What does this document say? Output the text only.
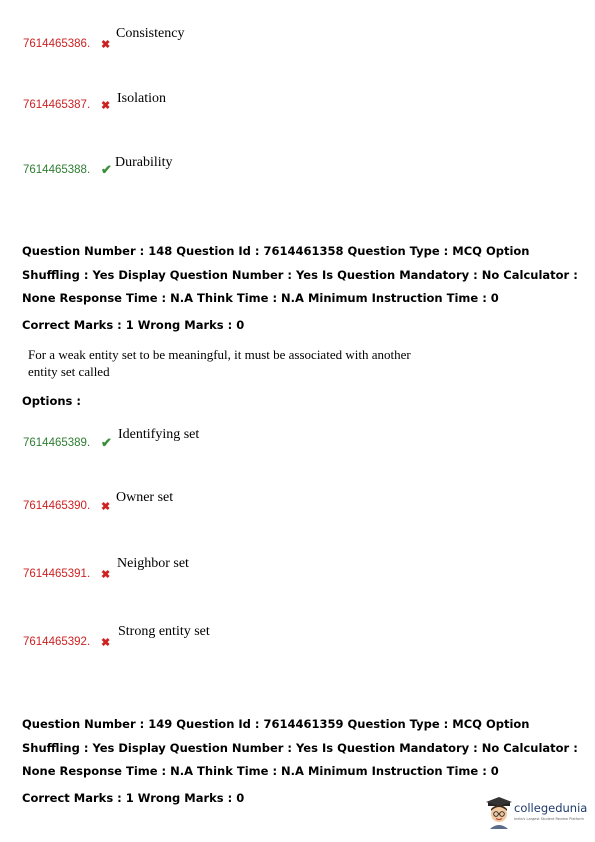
7614465386. ✖
Consistency
7614465387. ✖ Isolation
7614465388. ✔ Durability
Question Number : 148 Question Id : 7614461358 Question Type : MCQ Option Shuffling : Yes Display Question Number : Yes Is Question Mandatory : No Calculator : None Response Time : N.A Think Time : N.A Minimum Instruction Time : 0
Correct Marks : 1 Wrong Marks : 0
For a weak entity set to be meaningful, it must be associated with another
entity set called
Options :
7614465389. ✔
Identifying set
7614465390. ✖
Owner set
7614465391. ✖
Neighbor set
7614465392. ✖
Strong entity set
Question Number : 149 Question Id : 7614461359 Question Type : MCQ Option Shuffling : Yes Display Question Number : Yes Is Question Mandatory : No Calculator : None Response Time : N.A Think Time : N.A Minimum Instruction Time : 0
Correct Marks : 1 Wrong Marks : 0
collegedunia
India's Largest Student Review Platform
